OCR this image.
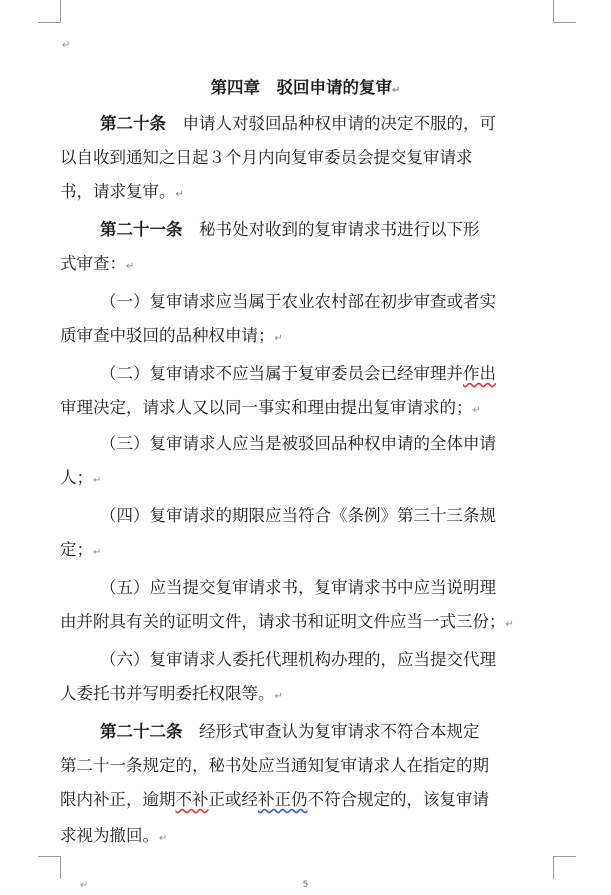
↵
第四章　驳回申请的复审↵
第二十条　 申请人对驳回品种权申请的决定不服的，可
以自收到通知之日起３个月内向复审委员会提交复审请求
书，请求复审。↵
第二十一条　 秘书处对收到的复审请求书进行以下形
式审查：↵
（一）复审请求应当属于农业农村部在初步审查或者实
质审查中驳回的品种权申请；↵
（二）复审请求不应当属于复审委员会已经审理并作出
审理决定，请求人又以同一事实和理由提出复审请求的；↵
（三）复审请求人应当是被驳回品种权申请的全体申请
人；↵
（四）复审请求的期限应当符合《条例》第三十三条规
定；↵
（五）应当提交复审请求书，复审请求书中应当说明理
由并附具有关的证明文件，请求书和证明文件应当一式三份；↵
（六）复审请求人委托代理机构办理的，应当提交代理
人委托书并写明委托权限等。↵
第二十二条　 经形式审查认为复审请求不符合本规定
第二十一条规定的，秘书处应当通知复审请求人在指定的期
限内补正，逾期不补正或经补正仍不符合规定的，该复审请
求视为撤回。↵
↵	5
